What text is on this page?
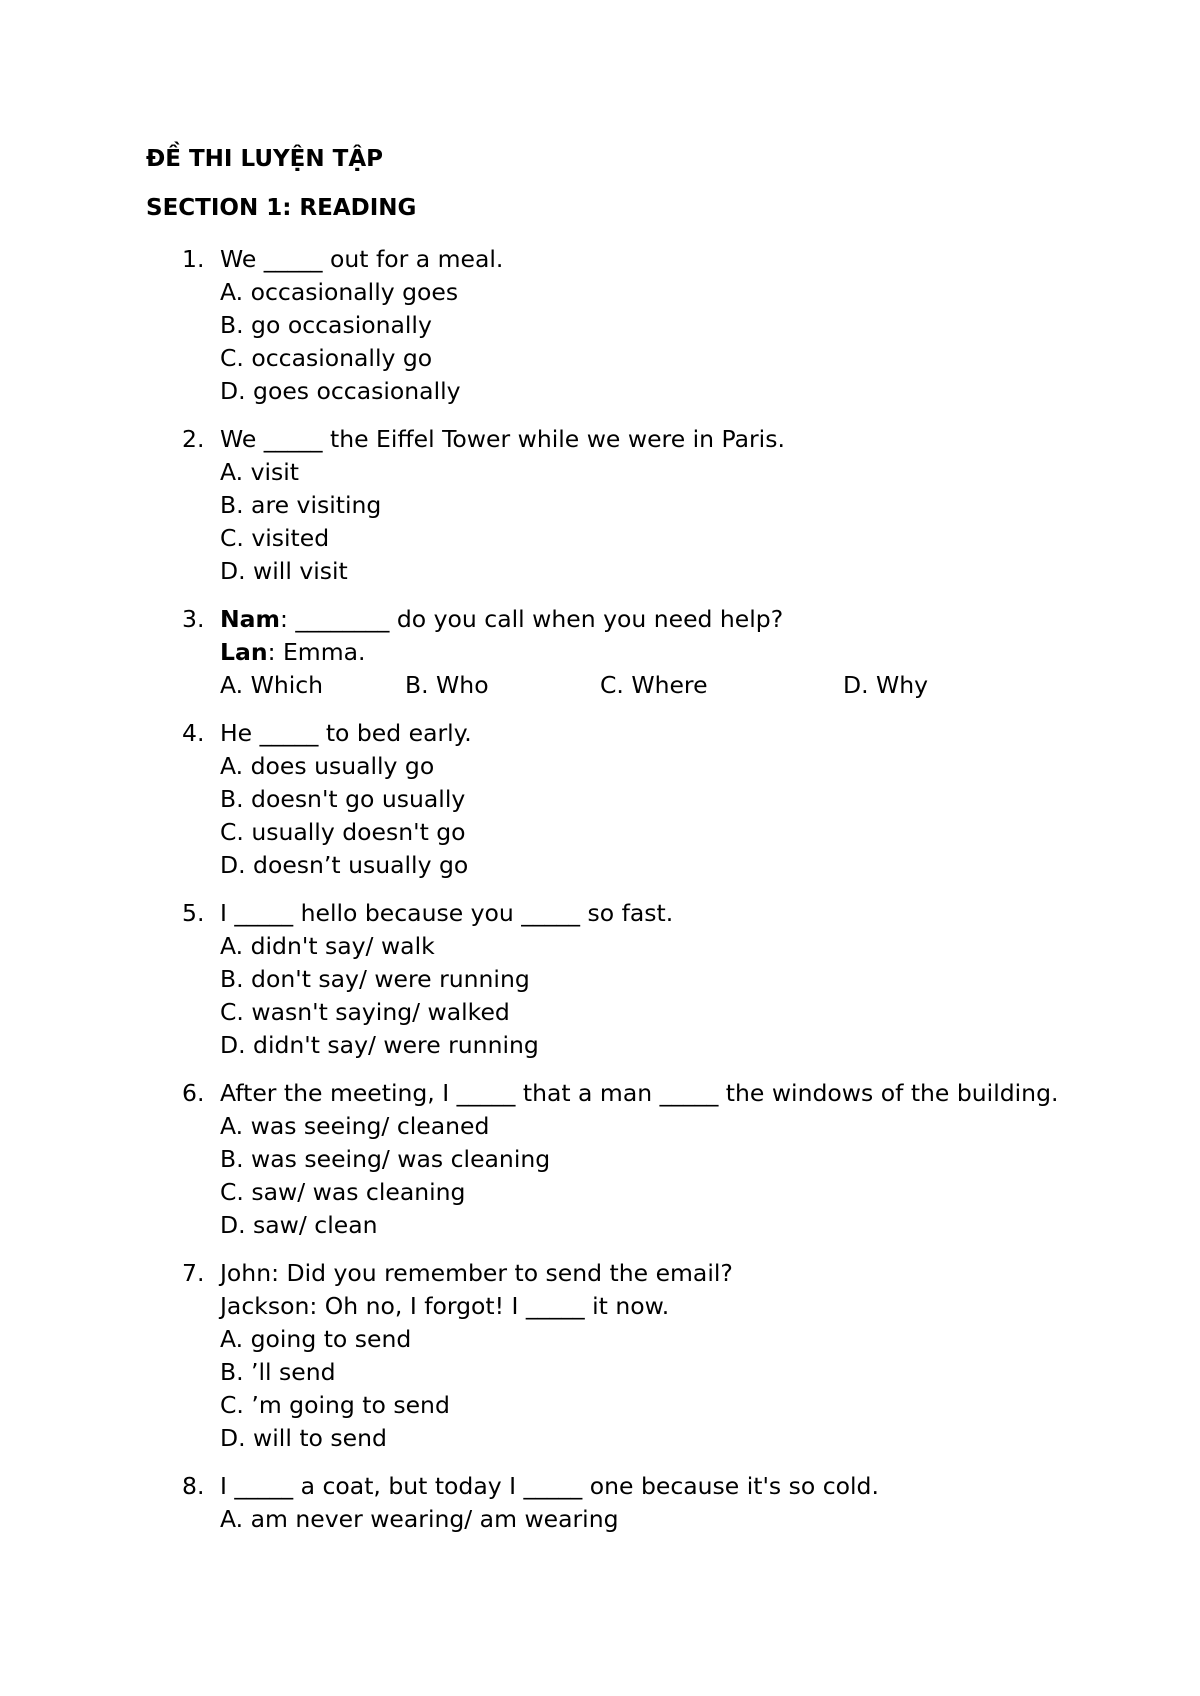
ĐỀ THI LUYỆN TẬP
SECTION 1: READING
1. We _____ out for a meal.
A. occasionally goes
B. go occasionally
C. occasionally go
D. goes occasionally
2. We _____ the Eiffel Tower while we were in Paris.
A. visit
B. are visiting
C. visited
D. will visit
3. Nam: ________ do you call when you need help?
Lan: Emma.
A. Which	B. Who	C. Where	D. Why
4. He _____ to bed early.
A. does usually go
B. doesn't go usually
C. usually doesn't go
D. doesn’t usually go
5. I _____ hello because you _____ so fast.
A. didn't say/ walk
B. don't say/ were running
C. wasn't saying/ walked
D. didn't say/ were running
6. After the meeting, I _____ that a man _____ the windows of the building.
A. was seeing/ cleaned
B. was seeing/ was cleaning
C. saw/ was cleaning
D. saw/ clean
7. John: Did you remember to send the email?
Jackson: Oh no, I forgot! I _____ it now.
A. going to send
B. ’ll send
C. ’m going to send
D. will to send
8. I _____ a coat, but today I _____ one because it's so cold.
A. am never wearing/ am wearing
